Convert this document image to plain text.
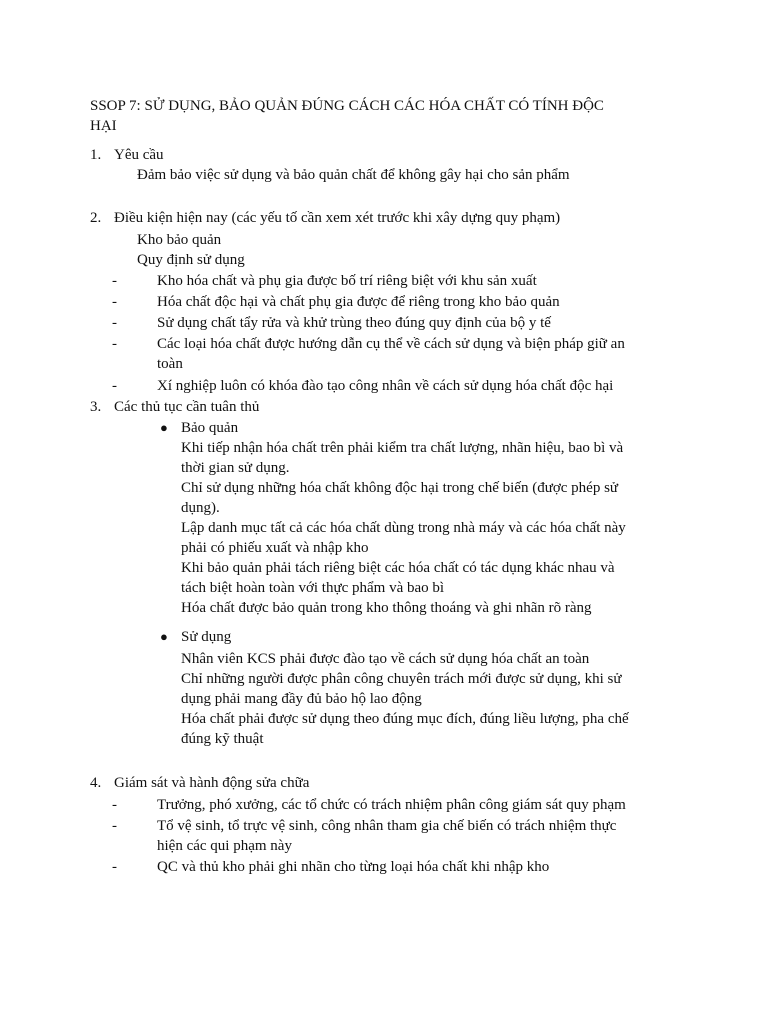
SSOP 7: SỬ DỤNG, BẢO QUẢN ĐÚNG CÁCH CÁC HÓA CHẤT CÓ TÍNH ĐỘC
HẠI
1. Yêu cầu
Đảm bảo việc sử dụng và bảo quản chất để không gây hại cho sản phẩm
2. Điều kiện hiện nay (các yếu tố cần xem xét trước khi xây dựng quy phạm)
Kho bảo quản
Quy định sử dụng
-	Kho hóa chất và phụ gia được bố trí riêng biệt với khu sản xuất
-	Hóa chất độc hại và chất phụ gia được để riêng trong kho bảo quản
-	Sử dụng chất tẩy rửa và khử trùng theo đúng quy định của bộ y tế
-	Các loại hóa chất được hướng dẫn cụ thể về cách sử dụng và biện pháp giữ an
toàn
-	Xí nghiệp luôn có khóa đào tạo công nhân về cách sử dụng hóa chất độc hại
3. Các thủ tục cần tuân thủ
● Bảo quản
Khi tiếp nhận hóa chất trên phải kiểm tra chất lượng, nhãn hiệu, bao bì và
thời gian sử dụng.
Chỉ sử dụng những hóa chất không độc hại trong chế biến (được phép sử
dụng).
Lập danh mục tất cả các hóa chất dùng trong nhà máy và các hóa chất này
phải có phiếu xuất và nhập kho
Khi bảo quản phải tách riêng biệt các hóa chất có tác dụng khác nhau và
tách biệt hoàn toàn với thực phẩm và bao bì
Hóa chất được bảo quản trong kho thông thoáng và ghi nhãn rõ ràng
● Sử dụng
Nhân viên KCS phải được đào tạo về cách sử dụng hóa chất an toàn
Chỉ những người được phân công chuyên trách mới được sử dụng, khi sử
dụng phải mang đầy đủ bảo hộ lao động
Hóa chất phải được sử dụng theo đúng mục đích, đúng liều lượng, pha chế
đúng kỹ thuật
4. Giám sát và hành động sửa chữa
-	Trưởng, phó xưởng, các tổ chức có trách nhiệm phân công giám sát quy phạm
-	Tổ vệ sinh, tổ trực vệ sinh, công nhân tham gia chế biến có trách nhiệm thực
hiện các qui phạm này
-	QC và thủ kho phải ghi nhãn cho từng loại hóa chất khi nhập kho
